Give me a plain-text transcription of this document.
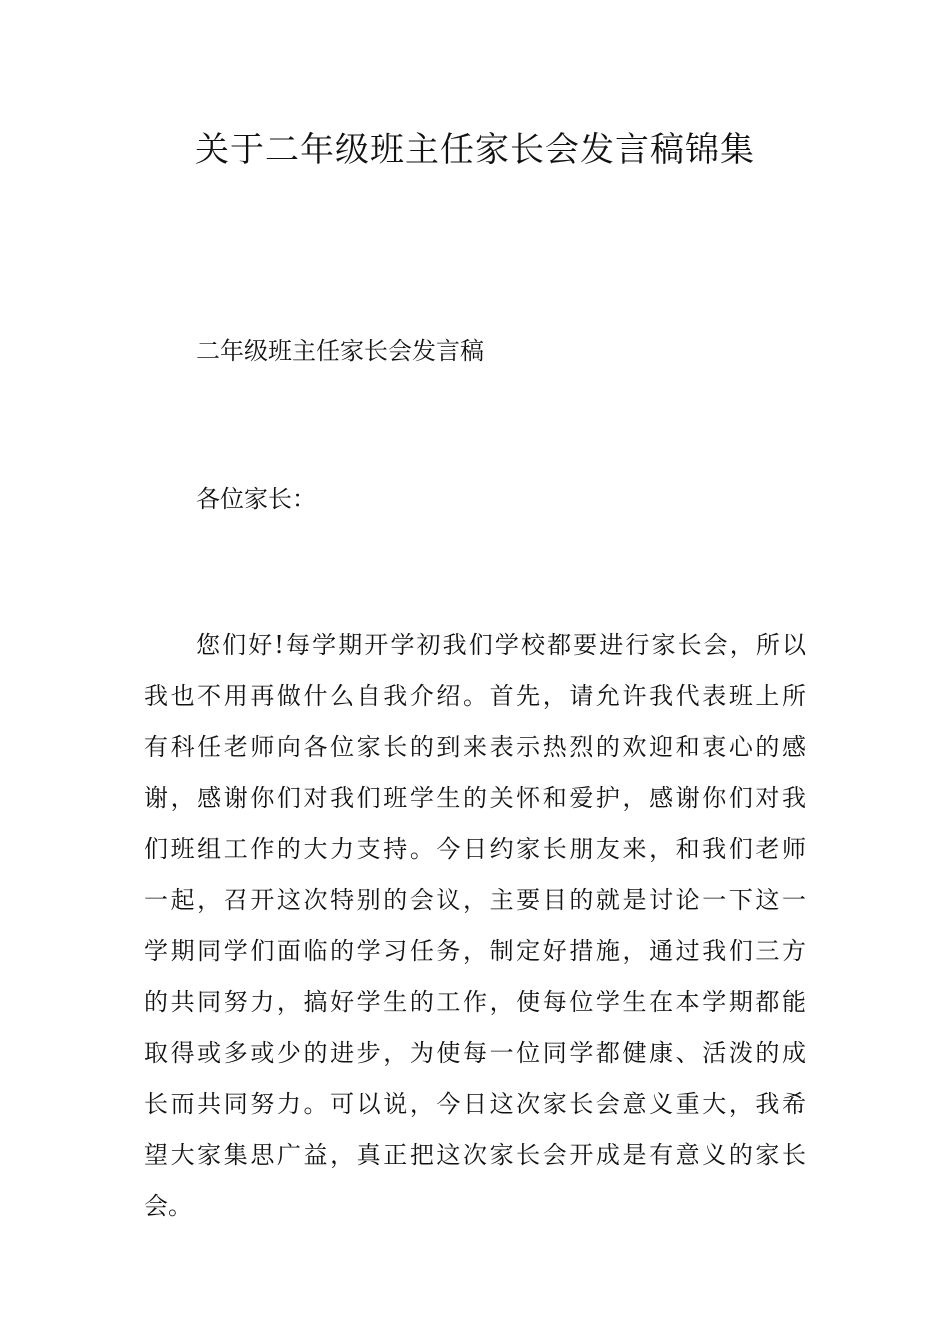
关于二年级班主任家长会发言稿锦集
二年级班主任家长会发言稿
各位家长：
您们好!每学期开学初我们学校都要进行家长会，所以
我也不用再做什么自我介绍。首先，请允许我代表班上所
有科任老师向各位家长的到来表示热烈的欢迎和衷心的感
谢，感谢你们对我们班学生的关怀和爱护，感谢你们对我
们班组工作的大力支持。今日约家长朋友来，和我们老师
一起，召开这次特别的会议，主要目的就是讨论一下这一
学期同学们面临的学习任务，制定好措施，通过我们三方
的共同努力，搞好学生的工作，使每位学生在本学期都能
取得或多或少的进步，为使每一位同学都健康、活泼的成
长而共同努力。可以说，今日这次家长会意义重大，我希
望大家集思广益，真正把这次家长会开成是有意义的家长
会。
